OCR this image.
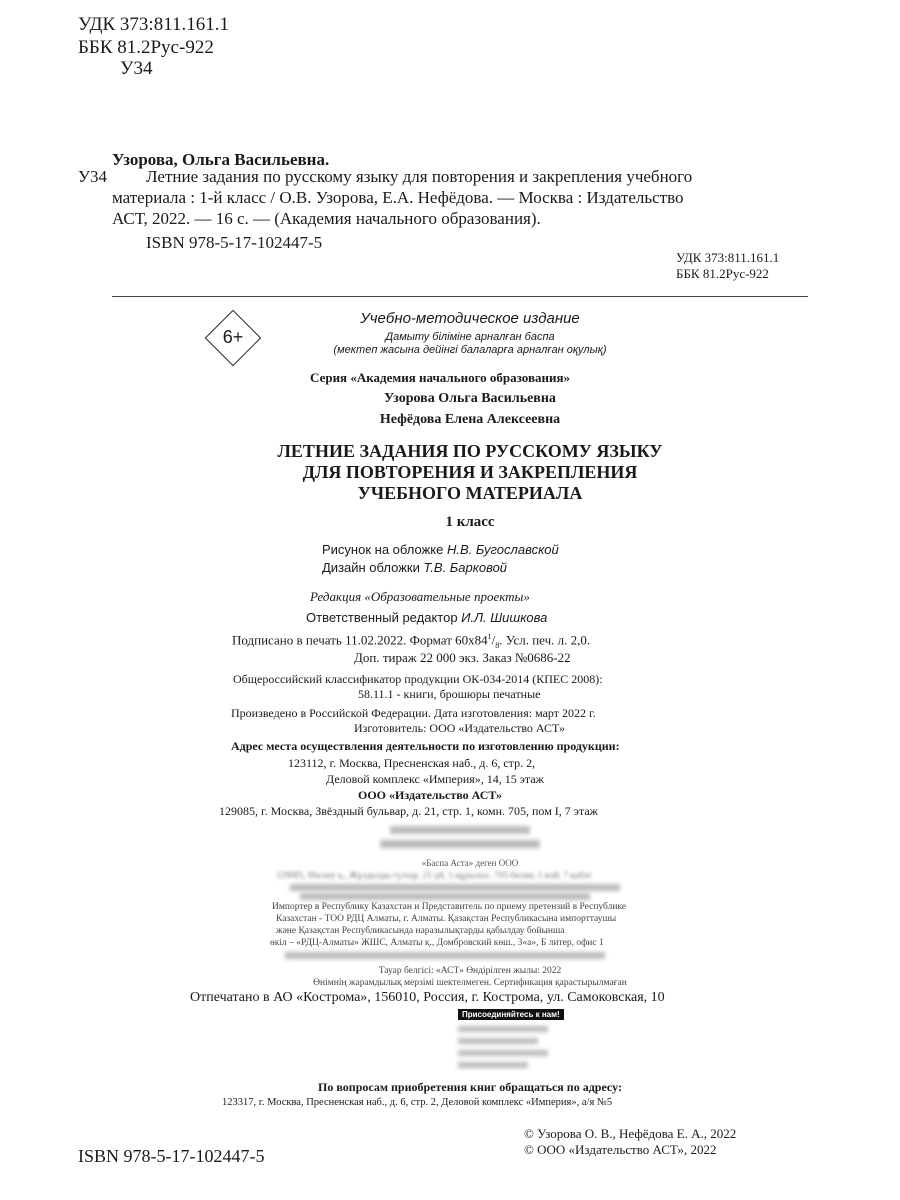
УДК 373:811.161.1
ББК 81.2Рус-922
У34
Узорова, Ольга Васильевна.
У34 Летние задания по русскому языку для повторения и закрепления учебного
материала : 1-й класс / О.В. Узорова, Е.А. Нефёдова. — Москва : Издательство
АСТ, 2022. — 16 с. — (Академия начального образования).
ISBN 978-5-17-102447-5
УДК 373:811.161.1
ББК 81.2Рус-922
6+
Учебно-методическое издание
Дамыту біліміне арналған баспа
(мектеп жасына дейінгі балаларға арналған оқулық)
Серия «Академия начального образования»
Узорова Ольга Васильевна
Нефёдова Елена Алексеевна
ЛЕТНИЕ ЗАДАНИЯ ПО РУССКОМУ ЯЗЫКУ
ДЛЯ ПОВТОРЕНИЯ И ЗАКРЕПЛЕНИЯ
УЧЕБНОГО МАТЕРИАЛА
1 класс
Рисунок на обложке Н.В. Бугославской
Дизайн обложки Т.В. Барковой
Редакция «Образовательные проекты»
Ответственный редактор И.Л. Шишкова
Подписано в печать 11.02.2022. Формат $60x84^1/_8$. Усл. печ. л. 2,0.
Доп. тираж 22 000 экз. Заказ №0686-22
Общероссийский классификатор продукции ОК-034-2014 (КПЕС 2008):
58.11.1 - книги, брошюры печатные
Произведено в Российской Федерации. Дата изготовления: март 2022 г.
Изготовитель: ООО «Издательство АСТ»
Адрес места осуществления деятельности по изготовлению продукции:
123112, г. Москва, Пресненская наб., д. 6, стр. 2,
Деловой комплекс «Империя», 14, 15 этаж
ООО «Издательство АСТ»
129085, г. Москва, Звёздный бульвар, д. 21, стр. 1, комн. 705, пом I, 7 этаж
«Баспа Аста» деген ООО
129085, Мәскеу қ., Жұлдызды гүлзар, 21-үй, 1-құрылыс, 705-бөлме, I жай, 7-қабат
Импортер в Республику Казахстан и Представитель по приему претензий в Республике
Казахстан - ТОО РДЦ Алматы, г. Алматы. Қазақстан Республикасына импорттаушы
және Қазақстан Республикасында наразылықтарды қабылдау бойынша
өкіл – «РДЦ-Алматы» ЖШС, Алматы қ., Домбровский көш., 3«а», Б литер, офис 1
Тауар белгісі: «АСТ» Өндірілген жылы: 2022
Өнімнің жарамдылық мерзімі шектелмеген. Сертификация қарастырылмаған
Отпечатано в АО «Кострома», 156010, Россия, г. Кострома, ул. Самоковская, 10
Присоединяйтесь к нам!
По вопросам приобретения книг обращаться по адресу:
123317, г. Москва, Пресненская наб., д. 6, стр. 2, Деловой комплекс «Империя», а/я №5
ISBN 978-5-17-102447-5
© Узорова О. В., Нефёдова Е. А., 2022
© ООО «Издательство АСТ», 2022
